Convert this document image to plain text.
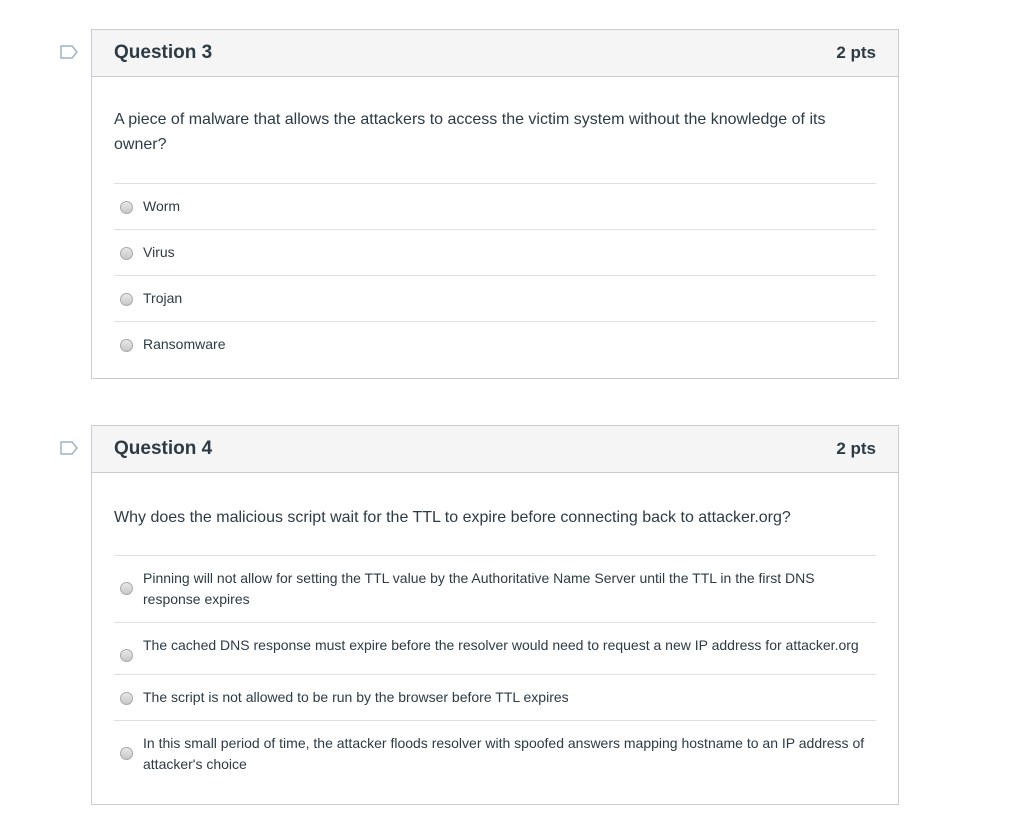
Question 3	2 pts
A piece of malware that allows the attackers to access the victim system without the knowledge of its owner?
Worm
Virus
Trojan
Ransomware
Question 4	2 pts
Why does the malicious script wait for the TTL to expire before connecting back to attacker.org?
Pinning will not allow for setting the TTL value by the Authoritative Name Server until the TTL in the first DNS response expires
The cached DNS response must expire before the resolver would need to request a new IP address for attacker.org
The script is not allowed to be run by the browser before TTL expires
In this small period of time, the attacker floods resolver with spoofed answers mapping hostname to an IP address of attacker's choice
